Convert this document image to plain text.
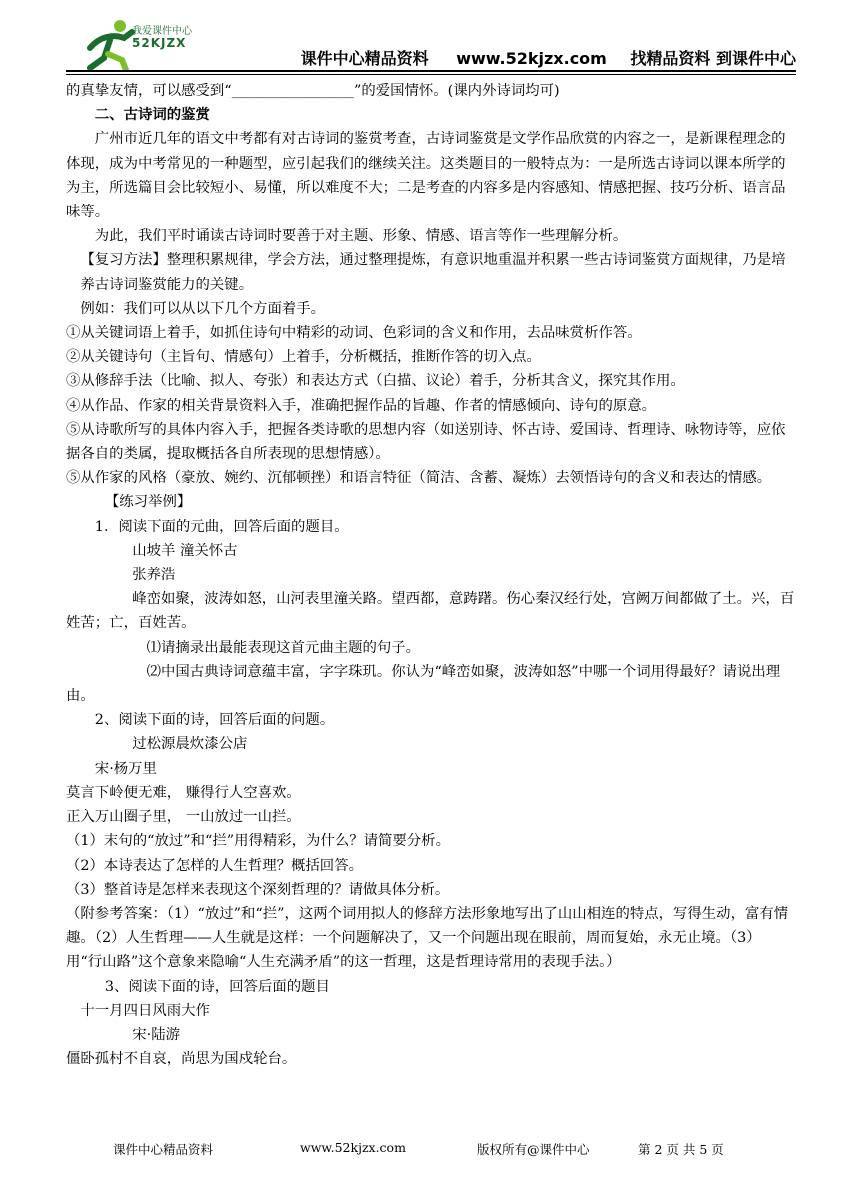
我爱课件中心
52KJZX
课件中心精品资料 www.52kjzx.com 找精品资料 到课件中心

的真挚友情，可以感受到“_________________”的爱国情怀。(课内外诗词均可)

二、古诗词的鉴赏

广州市近几年的语文中考都有对古诗词的鉴赏考查，古诗词鉴赏是文学作品欣赏的内容之一，是新课程理念的体现，成为中考常见的一种题型，应引起我们的继续关注。这类题目的一般特点为：一是所选古诗词以课本所学的为主，所选篇目会比较短小、易懂，所以难度不大；二是考查的内容多是内容感知、情感把握、技巧分析、语言品味等。

为此，我们平时诵读古诗词时要善于对主题、形象、情感、语言等作一些理解分析。

【复习方法】整理积累规律，学会方法，通过整理提炼，有意识地重温并积累一些古诗词鉴赏方面规律，乃是培养古诗词鉴赏能力的关键。

例如：我们可以从以下几个方面着手。

①从关键词语上着手，如抓住诗句中精彩的动词、色彩词的含义和作用，去品味赏析作答。

②从关键诗句（主旨句、情感句）上着手，分析概括，推断作答的切入点。

③从修辞手法（比喻、拟人、夸张）和表达方式（白描、议论）着手，分析其含义，探究其作用。

④从作品、作家的相关背景资料入手，准确把握作品的旨趣、作者的情感倾向、诗句的原意。

⑤从诗歌所写的具体内容入手，把握各类诗歌的思想内容（如送别诗、怀古诗、爱国诗、哲理诗、咏物诗等，应依据各自的类属，提取概括各自所表现的思想情感）。

⑤从作家的风格（豪放、婉约、沉郁顿挫）和语言特征（简洁、含蓄、凝炼）去领悟诗句的含义和表达的情感。

【练习举例】

1．阅读下面的元曲，回答后面的题目。

山坡羊 潼关怀古

张养浩

峰峦如聚，波涛如怒，山河表里潼关路。望西都，意踌躇。伤心秦汉经行处，宫阙万间都做了土。兴，百姓苦；亡，百姓苦。

⑴请摘录出最能表现这首元曲主题的句子。

⑵中国古典诗词意蕴丰富，字字珠玑。你认为“峰峦如聚，波涛如怒”中哪一个词用得最好？请说出理由。

2、阅读下面的诗，回答后面的问题。

过松源晨炊漆公店

宋·杨万里

莫言下岭便无难， 赚得行人空喜欢。

正入万山圈子里， 一山放过一山拦。

（1）末句的“放过”和“拦”用得精彩，为什么？请简要分析。

（2）本诗表达了怎样的人生哲理？概括回答。

（3）整首诗是怎样来表现这个深刻哲理的？请做具体分析。

（附参考答案：（1）“放过”和“拦”，这两个词用拟人的修辞方法形象地写出了山山相连的特点，写得生动，富有情趣。（2）人生哲理——人生就是这样：一个问题解决了，又一个问题出现在眼前，周而复始，永无止境。（3）用“行山路”这个意象来隐喻“人生充满矛盾”的这一哲理，这是哲理诗常用的表现手法。）

3、阅读下面的诗，回答后面的题目

十一月四日风雨大作

宋·陆游

僵卧孤村不自哀，尚思为国戍轮台。

课件中心精品资料	www.52kjzx.com	版权所有@课件中心	第 2 页 共 5 页
